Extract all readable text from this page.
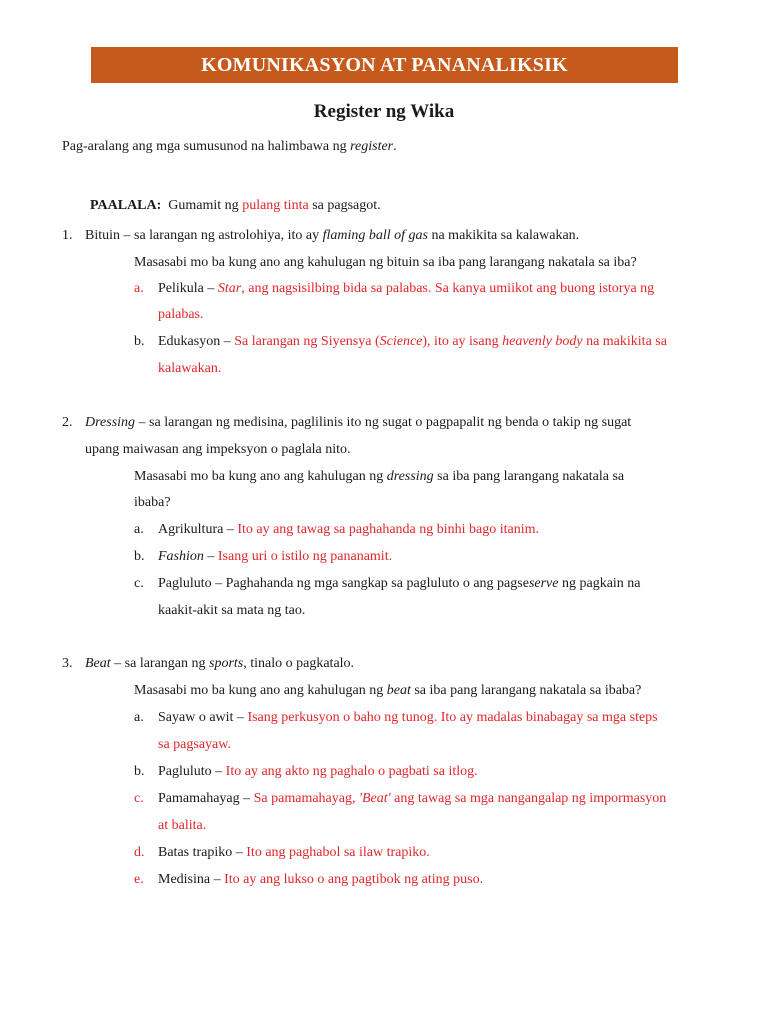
KOMUNIKASYON AT PANANALIKSIK
Register ng Wika
Pag-aralang ang mga sumusunod na halimbawa ng register.
PAALALA: Gumamit ng pulang tinta sa pagsagot.
1. Bituin – sa larangan ng astrolohiya, ito ay flaming ball of gas na makikita sa kalawakan.
Masasabi mo ba kung ano ang kahulugan ng bituin sa iba pang larangang nakatala sa iba?
a. Pelikula – Star, ang nagsisilbing bida sa palabas. Sa kanya umiikot ang buong istorya ng
palabas.
b. Edukasyon – Sa larangan ng Siyensya (Science), ito ay isang heavenly body na makikita sa
kalawakan.
2. Dressing – sa larangan ng medisina, paglilinis ito ng sugat o pagpapalit ng benda o takip ng sugat
upang maiwasan ang impeksyon o paglala nito.
Masasabi mo ba kung ano ang kahulugan ng dressing sa iba pang larangang nakatala sa
ibaba?
a. Agrikultura – Ito ay ang tawag sa paghahanda ng binhi bago itanim.
b. Fashion – Isang uri o istilo ng pananamit.
c. Pagluluto – Paghahanda ng mga sangkap sa pagluluto o ang pagseserve ng pagkain na
kaakit-akit sa mata ng tao.
3. Beat – sa larangan ng sports, tinalo o pagkatalo.
Masasabi mo ba kung ano ang kahulugan ng beat sa iba pang larangang nakatala sa ibaba?
a. Sayaw o awit – Isang perkusyon o baho ng tunog. Ito ay madalas binabagay sa mga steps
sa pagsayaw.
b. Pagluluto – Ito ay ang akto ng paghalo o pagbati sa itlog.
c. Pamamahayag – Sa pamamahayag, 'Beat' ang tawag sa mga nangangalap ng impormasyon
at balita.
d. Batas trapiko – Ito ang paghabol sa ilaw trapiko.
e. Medisina – Ito ay ang lukso o ang pagtibok ng ating puso.
